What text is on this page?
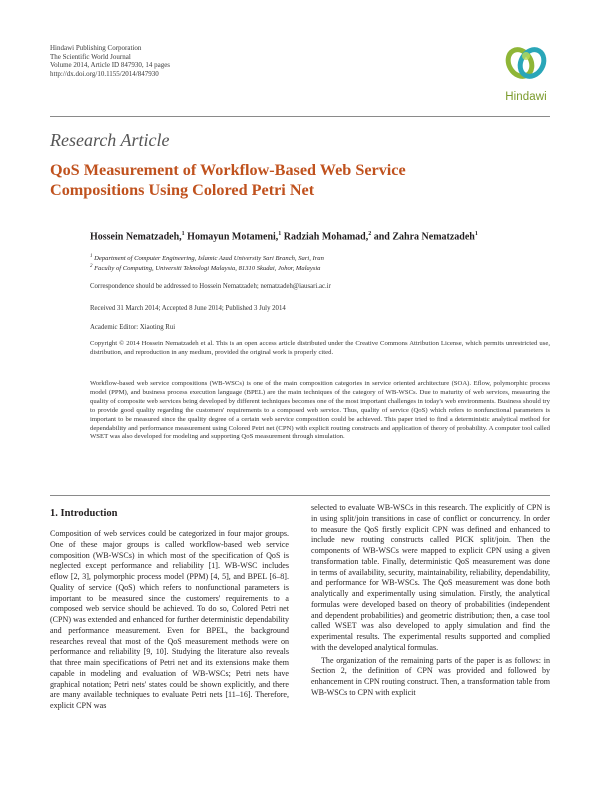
Hindawi Publishing Corporation
The Scientific World Journal
Volume 2014, Article ID 847930, 14 pages
http://dx.doi.org/10.1155/2014/847930
Hindawi
Research Article
QoS Measurement of Workflow-Based Web Service
Compositions Using Colored Petri Net
Hossein Nematzadeh,$^1$ Homayun Motameni,$^1$ Radziah Mohamad,$^2$ and Zahra Nematzadeh$^1$
$^1$ Department of Computer Engineering, Islamic Azad University Sari Branch, Sari, Iran
$^2$ Faculty of Computing, Universiti Teknologi Malaysia, 81310 Skudai, Johor, Malaysia
Correspondence should be addressed to Hossein Nematzadeh; nematzadeh@iausari.ac.ir
Received 31 March 2014; Accepted 8 June 2014; Published 3 July 2014
Academic Editor: Xiaoting Rui
Copyright © 2014 Hossein Nematzadeh et al. This is an open access article distributed under the Creative Commons Attribution License, which permits unrestricted use, distribution, and reproduction in any medium, provided the original work is properly cited.
Workflow-based web service compositions (WB-WSCs) is one of the main composition categories in service oriented architecture (SOA). Eflow, polymorphic process model (PPM), and business process execution language (BPEL) are the main techniques of the category of WB-WSCs. Due to maturity of web services, measuring the quality of composite web services being developed by different techniques becomes one of the most important challenges in today's web environments. Business should try to provide good quality regarding the customers' requirements to a composed web service. Thus, quality of service (QoS) which refers to nonfunctional parameters is important to be measured since the quality degree of a certain web service composition could be achieved. This paper tried to find a deterministic analytical method for dependability and performance measurement using Colored Petri net (CPN) with explicit routing constructs and application of theory of probability. A computer tool called WSET was also developed for modeling and supporting QoS measurement through simulation.
1. Introduction

Composition of web services could be categorized in four major groups. One of these major groups is called workflow-based web service composition (WB-WSCs) in which most of the specification of QoS is neglected except performance and reliability [1]. WB-WSC includes eflow [2, 3], polymorphic process model (PPM) [4, 5], and BPEL [6–8]. Quality of service (QoS) which refers to nonfunctional parameters is important to be measured since the customers' requirements to a composed web service should be achieved. To do so, Colored Petri net (CPN) was extended and enhanced for further deterministic dependability and performance measurement. Even for BPEL, the background researches reveal that most of the QoS measurement methods were on performance and reliability [9, 10]. Studying the literature also reveals that three main specifications of Petri net and its extensions make them capable in modeling and evaluation of WB-WSCs; Petri nets have graphical notation; Petri nets' states could be shown explicitly, and there are many available techniques to evaluate Petri nets [11–16]. Therefore, explicit CPN was

selected to evaluate WB-WSCs in this research. The explicitly of CPN is in using split/join transitions in case of conflict or concurrency. In order to measure the QoS firstly explicit CPN was defined and enhanced to include new routing constructs called PICK split/join. Then the components of WB-WSCs were mapped to explicit CPN using a given transformation table. Finally, deterministic QoS measurement was done in terms of availability, security, maintainability, reliability, dependability, and performance for WB-WSCs. The QoS measurement was done both analytically and experimentally using simulation. Firstly, the analytical formulas were developed based on theory of probabilities (independent and dependent probabilities) and geometric distribution; then, a case tool called WSET was also developed to apply simulation and find the experimental results. The experimental results supported and complied with the developed analytical formulas.

The organization of the remaining parts of the paper is as follows: in Section 2, the definition of CPN was provided and followed by enhancement in CPN routing construct. Then, a transformation table from WB-WSCs to CPN with explicit
